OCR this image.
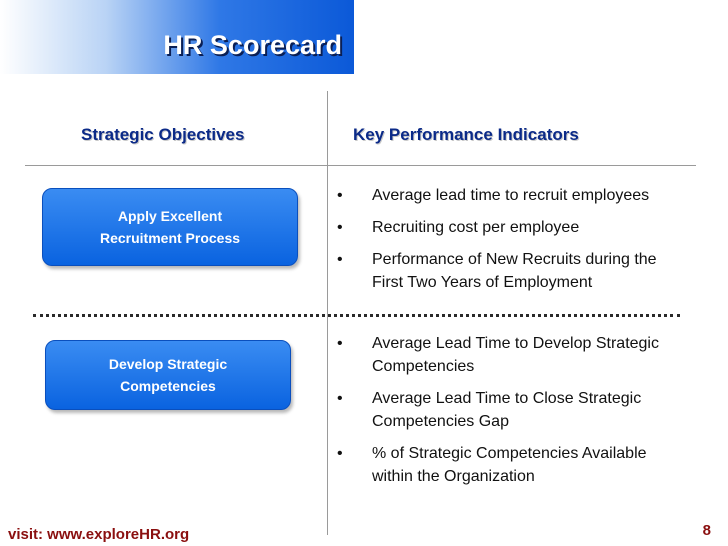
HR Scorecard
Strategic Objectives	Key Performance Indicators
Apply Excellent
Recruitment Process
• Average lead time to recruit employees
• Recruiting cost per employee
• Performance of New Recruits during the
First Two Years of Employment
Develop Strategic
Competencies
• Average Lead Time to Develop Strategic
Competencies
• Average Lead Time to Close Strategic
Competencies Gap
• % of Strategic Competencies Available
within the Organization
visit: www.exploreHR.org	8
